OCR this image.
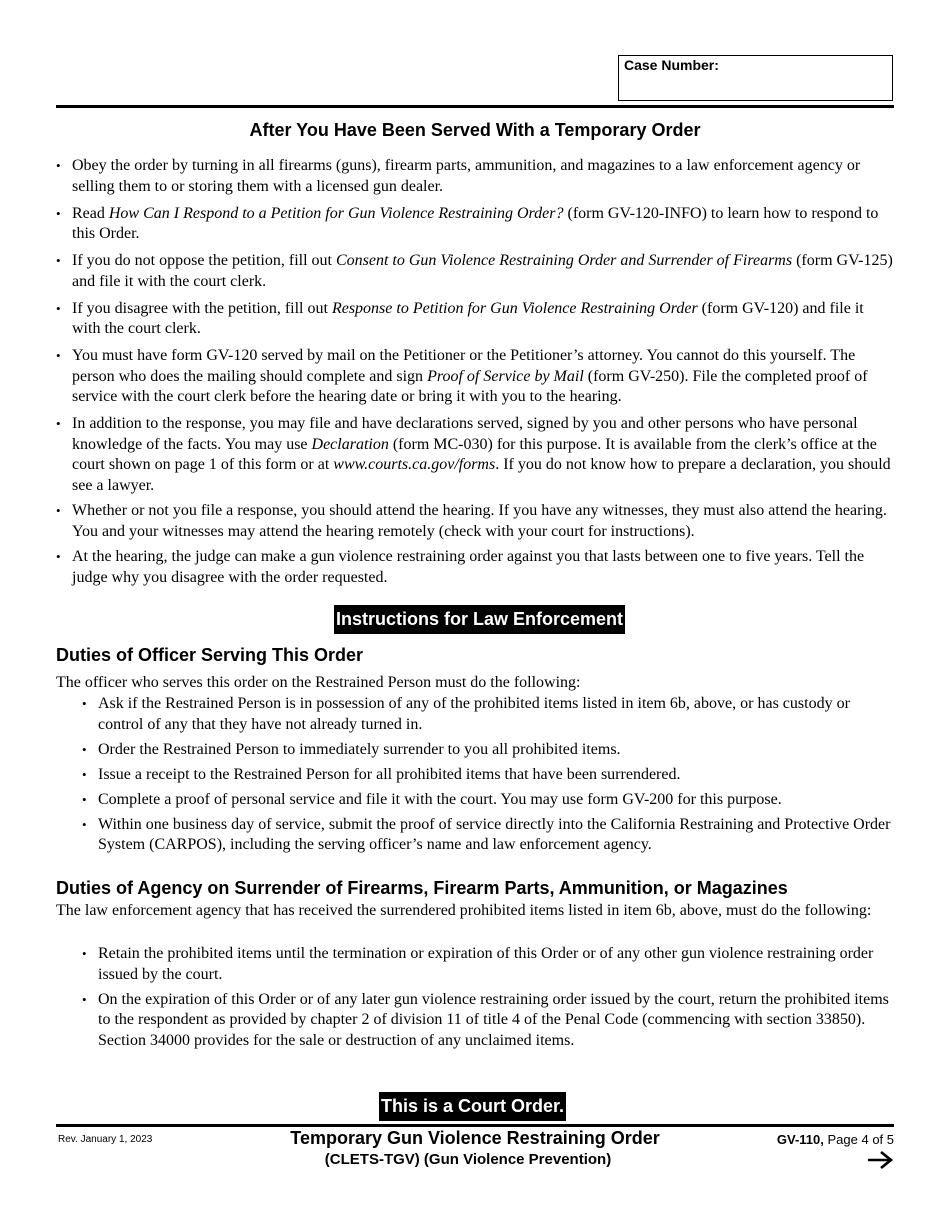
Case Number:
After You Have Been Served With a Temporary Order
• Obey the order by turning in all firearms (guns), firearm parts, ammunition, and magazines to a law enforcement agency or selling them to or storing them with a licensed gun dealer.
• Read How Can I Respond to a Petition for Gun Violence Restraining Order? (form GV-120-INFO) to learn how to respond to this Order.
• If you do not oppose the petition, fill out Consent to Gun Violence Restraining Order and Surrender of Firearms (form GV-125) and file it with the court clerk.
• If you disagree with the petition, fill out Response to Petition for Gun Violence Restraining Order (form GV-120) and file it with the court clerk.
• You must have form GV-120 served by mail on the Petitioner or the Petitioner’s attorney. You cannot do this yourself. The person who does the mailing should complete and sign Proof of Service by Mail (form GV-250). File the completed proof of service with the court clerk before the hearing date or bring it with you to the hearing.
• In addition to the response, you may file and have declarations served, signed by you and other persons who have personal knowledge of the facts. You may use Declaration (form MC-030) for this purpose. It is available from the clerk’s office at the court shown on page 1 of this form or at www.courts.ca.gov/forms. If you do not know how to prepare a declaration, you should see a lawyer.
• Whether or not you file a response, you should attend the hearing. If you have any witnesses, they must also attend the hearing. You and your witnesses may attend the hearing remotely (check with your court for instructions).
• At the hearing, the judge can make a gun violence restraining order against you that lasts between one to five years. Tell the judge why you disagree with the order requested.
Instructions for Law Enforcement
Duties of Officer Serving This Order
The officer who serves this order on the Restrained Person must do the following:
• Ask if the Restrained Person is in possession of any of the prohibited items listed in item 6b, above, or has custody or control of any that they have not already turned in.
• Order the Restrained Person to immediately surrender to you all prohibited items.
• Issue a receipt to the Restrained Person for all prohibited items that have been surrendered.
• Complete a proof of personal service and file it with the court. You may use form GV-200 for this purpose.
• Within one business day of service, submit the proof of service directly into the California Restraining and Protective Order System (CARPOS), including the serving officer’s name and law enforcement agency.
Duties of Agency on Surrender of Firearms, Firearm Parts, Ammunition, or Magazines
The law enforcement agency that has received the surrendered prohibited items listed in item 6b, above, must do the following:
• Retain the prohibited items until the termination or expiration of this Order or of any other gun violence restraining order issued by the court.
• On the expiration of this Order or of any later gun violence restraining order issued by the court, return the prohibited items to the respondent as provided by chapter 2 of division 11 of title 4 of the Penal Code (commencing with section 33850). Section 34000 provides for the sale or destruction of any unclaimed items.
This is a Court Order.
Rev. January 1, 2023	Temporary Gun Violence Restraining Order
(CLETS-TGV) (Gun Violence Prevention)
GV-110, Page 4 of 5
